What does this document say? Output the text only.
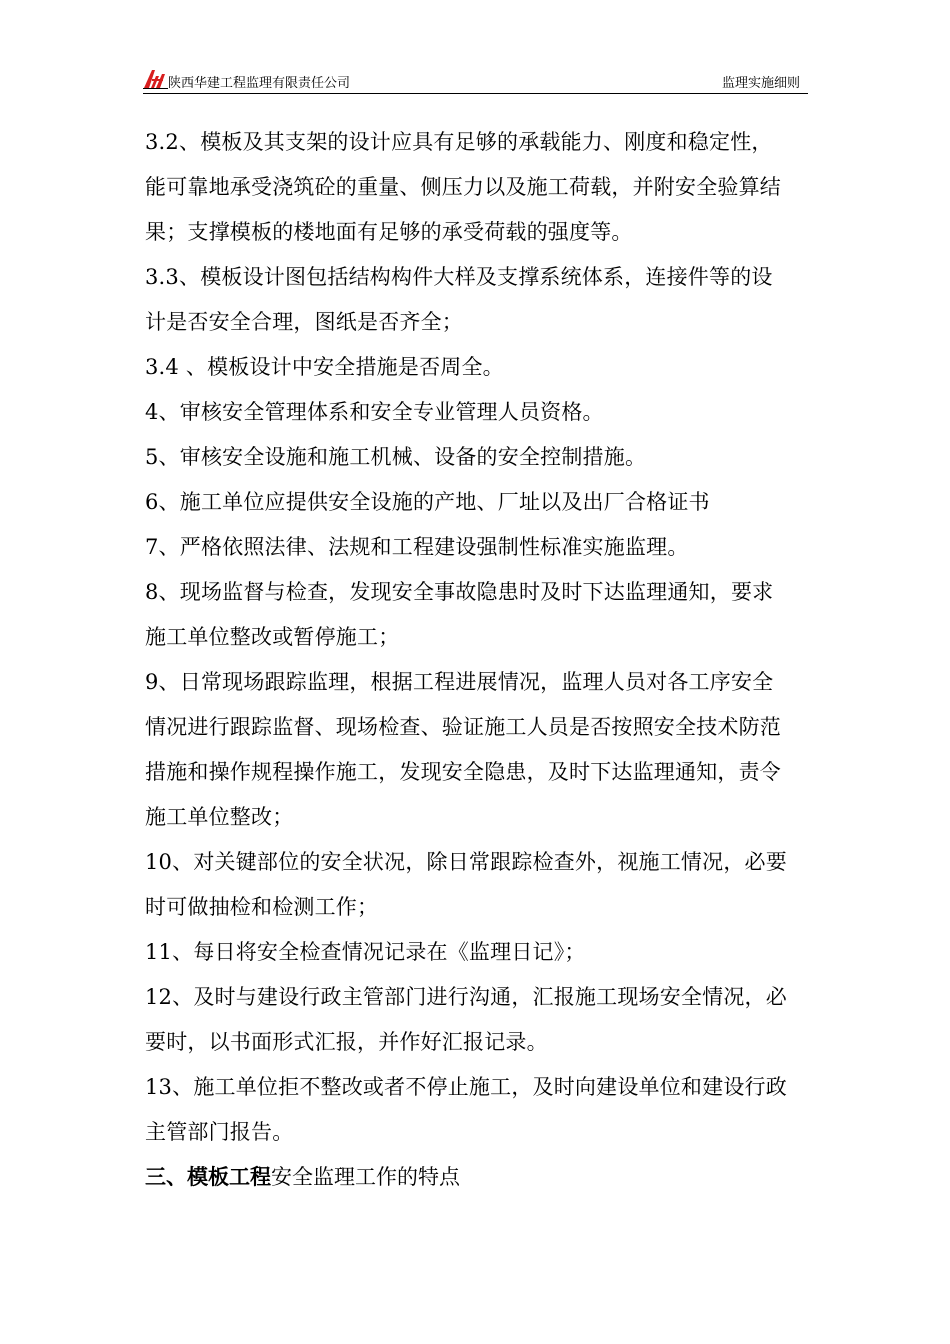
陕西华建工程监理有限责任公司	监理实施细则
3.2、模板及其支架的设计应具有足够的承载能力、刚度和稳定性，
能可靠地承受浇筑砼的重量、侧压力以及施工荷载，并附安全验算结
果；支撑模板的楼地面有足够的承受荷载的强度等。
3.3、模板设计图包括结构构件大样及支撑系统体系，连接件等的设
计是否安全合理，图纸是否齐全；
3.4 、模板设计中安全措施是否周全。
4、审核安全管理体系和安全专业管理人员资格。
5、审核安全设施和施工机械、设备的安全控制措施。
6、施工单位应提供安全设施的产地、厂址以及出厂合格证书
7、严格依照法律、法规和工程建设强制性标准实施监理。
8、现场监督与检查，发现安全事故隐患时及时下达监理通知，要求
施工单位整改或暂停施工；
9、日常现场跟踪监理，根据工程进展情况，监理人员对各工序安全
情况进行跟踪监督、现场检查、验证施工人员是否按照安全技术防范
措施和操作规程操作施工，发现安全隐患，及时下达监理通知，责令
施工单位整改；
10、对关键部位的安全状况，除日常跟踪检查外，视施工情况，必要
时可做抽检和检测工作；
11、每日将安全检查情况记录在《监理日记》；
12、及时与建设行政主管部门进行沟通，汇报施工现场安全情况，必
要时，以书面形式汇报，并作好汇报记录。
13、施工单位拒不整改或者不停止施工，及时向建设单位和建设行政
主管部门报告。
三、模板工程安全监理工作的特点
